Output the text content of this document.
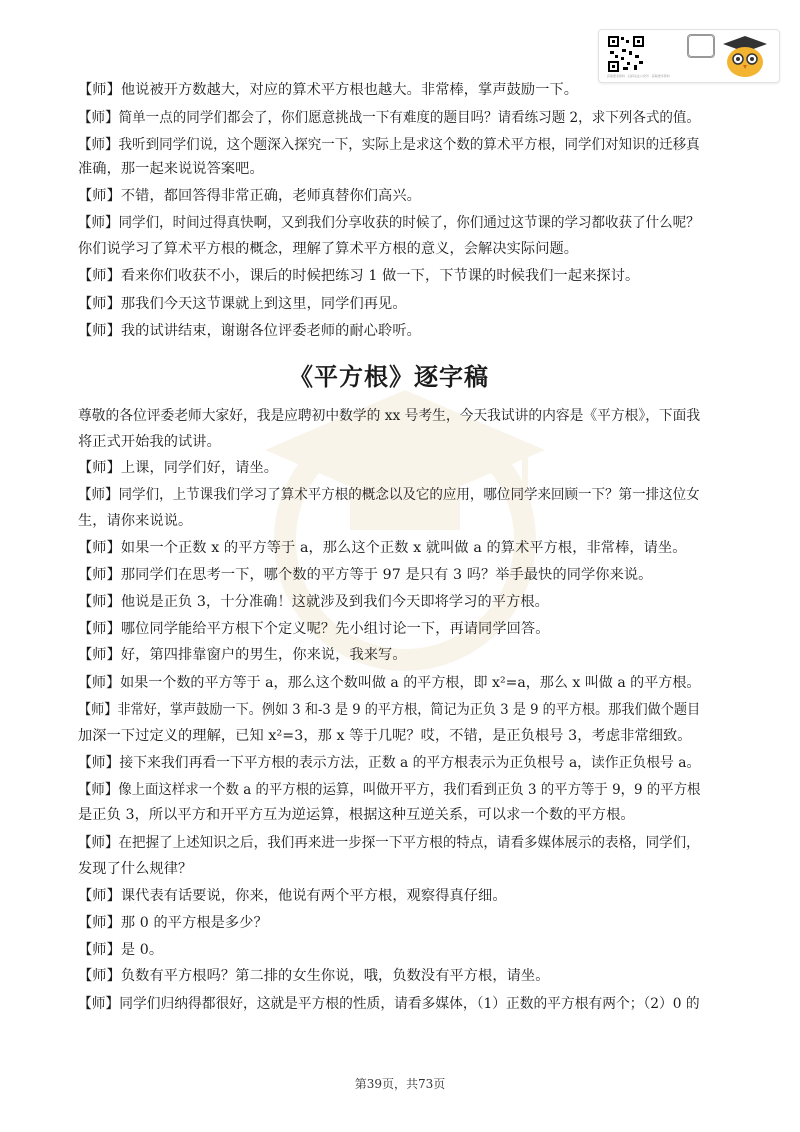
获取更多资料 · 扫码关注公众号 · 获取更多资料
【师】他说被开方数越大，对应的算术平方根也越大。非常棒，掌声鼓励一下。
【师】简单一点的同学们都会了，你们愿意挑战一下有难度的题目吗？请看练习题 2，求下列各式的值。
【师】我听到同学们说，这个题深入探究一下，实际上是求这个数的算术平方根，同学们对知识的迁移真
准确，那一起来说说答案吧。
【师】不错，都回答得非常正确，老师真替你们高兴。
【师】同学们，时间过得真快啊，又到我们分享收获的时候了，你们通过这节课的学习都收获了什么呢？
你们说学习了算术平方根的概念，理解了算术平方根的意义，会解决实际问题。
【师】看来你们收获不小，课后的时候把练习 1 做一下，下节课的时候我们一起来探讨。
【师】那我们今天这节课就上到这里，同学们再见。
【师】我的试讲结束，谢谢各位评委老师的耐心聆听。
《平方根》逐字稿
尊敬的各位评委老师大家好，我是应聘初中数学的 xx 号考生，今天我试讲的内容是《平方根》，下面我
将正式开始我的试讲。
【师】上课，同学们好，请坐。
【师】同学们，上节课我们学习了算术平方根的概念以及它的应用，哪位同学来回顾一下？第一排这位女
生，请你来说说。
【师】如果一个正数 x 的平方等于 a，那么这个正数 x 就叫做 a 的算术平方根，非常棒，请坐。
【师】那同学们在思考一下，哪个数的平方等于 97 是只有 3 吗？举手最快的同学你来说。
【师】他说是正负 3，十分准确！这就涉及到我们今天即将学习的平方根。
【师】哪位同学能给平方根下个定义呢？先小组讨论一下，再请同学回答。
【师】好，第四排靠窗户的男生，你来说，我来写。
【师】如果一个数的平方等于 a，那么这个数叫做 a 的平方根，即 x²=a，那么 x 叫做 a 的平方根。
【师】非常好，掌声鼓励一下。例如 3 和-3 是 9 的平方根，简记为正负 3 是 9 的平方根。那我们做个题目
加深一下过定义的理解，已知 x²=3，那 x 等于几呢？哎，不错，是正负根号 3，考虑非常细致。
【师】接下来我们再看一下平方根的表示方法，正数 a 的平方根表示为正负根号 a，读作正负根号 a。
【师】像上面这样求一个数 a 的平方根的运算，叫做开平方，我们看到正负 3 的平方等于 9，9 的平方根
是正负 3，所以平方和开平方互为逆运算，根据这种互逆关系，可以求一个数的平方根。
【师】在把握了上述知识之后，我们再来进一步探一下平方根的特点，请看多媒体展示的表格，同学们，
发现了什么规律？
【师】课代表有话要说，你来，他说有两个平方根，观察得真仔细。
【师】那 0 的平方根是多少？
【师】是 0。
【师】负数有平方根吗？第二排的女生你说，哦，负数没有平方根，请坐。
【师】同学们归纳得都很好，这就是平方根的性质，请看多媒体，（1）正数的平方根有两个；（2）0 的
第39页，共73页
